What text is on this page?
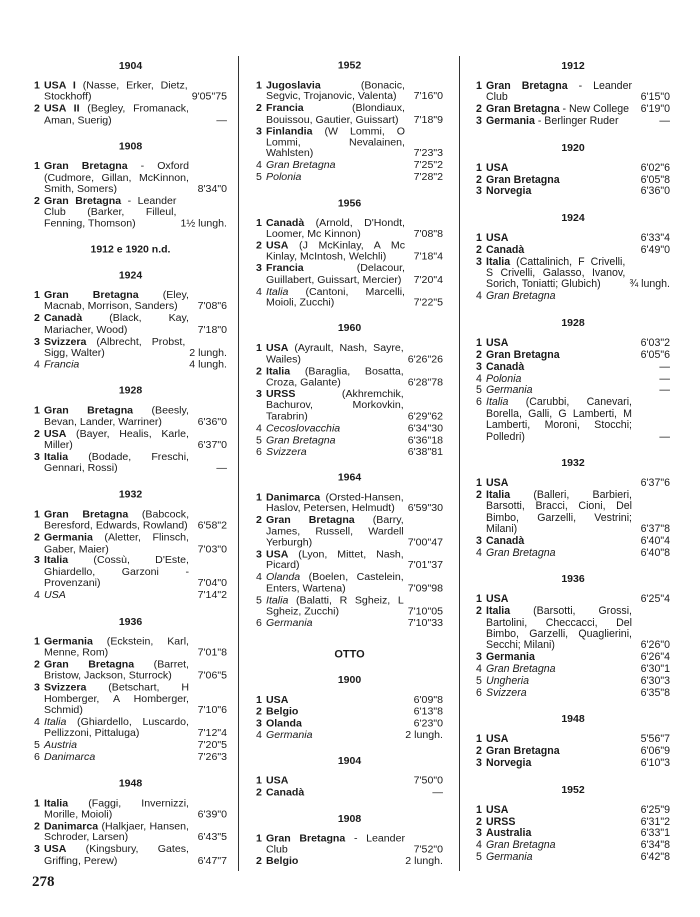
1904
1 USA I (Nasse, Erker, Dietz, Stockhoff)	9'05"75
2 USA II (Begley, Fromanack, Aman, Suerig)	—
1908
1 Gran Bretagna - Oxford (Cudmore, Gillan, McKinnon, Smith, Somers)	8'34"0
2 Gran Bretagna - Leander Club (Barker, Filleul, Fenning, Thomson)	1½ lungh.
1912 e 1920 n.d.
1924
1 Gran Bretagna (Eley, Macnab, Morrison, Sanders)	7'08"6
2 Canadà (Black, Kay, Mariacher, Wood)	7'18"0
3 Svizzera (Albrecht, Probst, Sigg, Walter)	2 lungh.
4 Francia	4 lungh.
1928
1 Gran Bretagna (Beesly, Bevan, Lander, Warriner)	6'36"0
2 USA (Bayer, Healis, Karle, Miller)	6'37"0
3 Italia (Bodade, Freschi, Gennari, Rossi)	—
1932
1 Gran Bretagna (Babcock, Beresford, Edwards, Rowland) 6'58"2
2 Germania (Aletter, Flinsch, Gaber, Maier)	7'03"0
3 Italia (Cossù, D'Este, Ghiardello, Garzoni - Provenzani)	7'04"0
4 USA	7'14"2
1936
1 Germania (Eckstein, Karl, Menne, Rom)	7'01"8
2 Gran Bretagna (Barret, Bristow, Jackson, Sturrock)	7'06"5
3 Svizzera (Betschart, H Homberger, A Homberger, Schmid)	7'10"6
4 Italia (Ghiardello, Luscardo, Pellizzoni, Pittaluga)	7'12"4
5 Austria	7'20"5
6 Danimarca	7'26"3
1948
1 Italia (Faggi, Invernizzi, Morille, Moioli)	6'39"0
2 Danimarca (Halkjaer, Hansen, Schroder, Larsen)	6'43"5
3 USA (Kingsbury, Gates, Griffing, Perew)	6'47"7
1952
1 Jugoslavia (Bonacic, Segvic, Trojanovic, Valenta)	7'16"0
2 Francia (Blondiaux, Bouissou, Gautier, Guissart)	7'18"9
3 Finlandia (W Lommi, O Lommi, Nevalainen, Wahlsten)	7'23"3
4 Gran Bretagna	7'25"2
5 Polonia	7'28"2
1956
1 Canadà (Arnold, D'Hondt, Loomer, Mc Kinnon)	7'08"8
2 USA (J McKinlay, A Mc Kinlay, McIntosh, Welchli)	7'18"4
3 Francia (Delacour, Guillabert, Guissart, Mercier)	7'20"4
4 Italia (Cantoni, Marcelli, Moioli, Zucchi)	7'22"5
1960
1 USA (Ayrault, Nash, Sayre, Wailes)	6'26"26
2 Italia (Baraglia, Bosatta, Croza, Galante)	6'28"78
3 URSS (Akhremchik, Bachurov, Morkovkin, Tarabrin)	6'29"62
4 Cecoslovacchia	6'34"30
5 Gran Bretagna	6'36"18
6 Svizzera	6'38"81
1964
1 Danimarca (Orsted-Hansen, Haslov, Petersen, Helmudt)	6'59"30
2 Gran Bretagna (Barry, James, Russell, Wardell Yerburgh)	7'00"47
3 USA (Lyon, Mittet, Nash, Picard)	7'01"37
4 Olanda (Boelen, Castelein, Enters, Wartena)	7'09"98
5 Italia (Balatti, R Sgheiz, L Sgheiz, Zucchi)	7'10"05
6 Germania	7'10"33
OTTO
1900
1 USA	6'09"8
2 Belgio	6'13"8
3 Olanda	6'23"0
4 Germania	2 lungh.
1904
1 USA	7'50"0
2 Canadà	—
1908
1 Gran Bretagna - Leander Club	7'52"0
2 Belgio	2 lungh.
1912
1 Gran Bretagna - Leander Club	6'15"0
2 Gran Bretagna - New College	6'19"0
3 Germania - Berlinger Ruder	—
1920
1 USA	6'02"6
2 Gran Bretagna	6'05"8
3 Norvegia	6'36"0
1924
1 USA	6'33"4
2 Canadà	6'49"0
3 Italia (Cattalinich, F Crivelli, S Crivelli, Galasso, Ivanov, Sorich, Toniatti; Glubich)	¾ lungh.
4 Gran Bretagna
1928
1 USA	6'03"2
2 Gran Bretagna	6'05"6
3 Canadà	—
4 Polonia	—
5 Germania	—
6 Italia (Carubbi, Canevari, Borella, Galli, G Lamberti, M Lamberti, Moroni, Stocchi; Polledri)	—
1932
1 USA	6'37"6
2 Italia (Balleri, Barbieri, Barsotti, Bracci, Cioni, Del Bimbo, Garzelli, Vestrini; Milani)	6'37"8
3 Canadà	6'40"4
4 Gran Bretagna	6'40"8
1936
1 USA	6'25"4
2 Italia (Barsotti, Grossi, Bartolini, Checcacci, Del Bimbo, Garzelli, Quaglierini, Secchi; Milani)	6'26"0
3 Germania	6'26"4
4 Gran Bretagna	6'30"1
5 Ungheria	6'30"3
6 Svizzera	6'35"8
1948
1 USA	5'56"7
2 Gran Bretagna	6'06"9
3 Norvegia	6'10"3
1952
1 USA	6'25"9
2 URSS	6'31"2
3 Australia	6'33"1
4 Gran Bretagna	6'34"8
5 Germania	6'42"8
278
